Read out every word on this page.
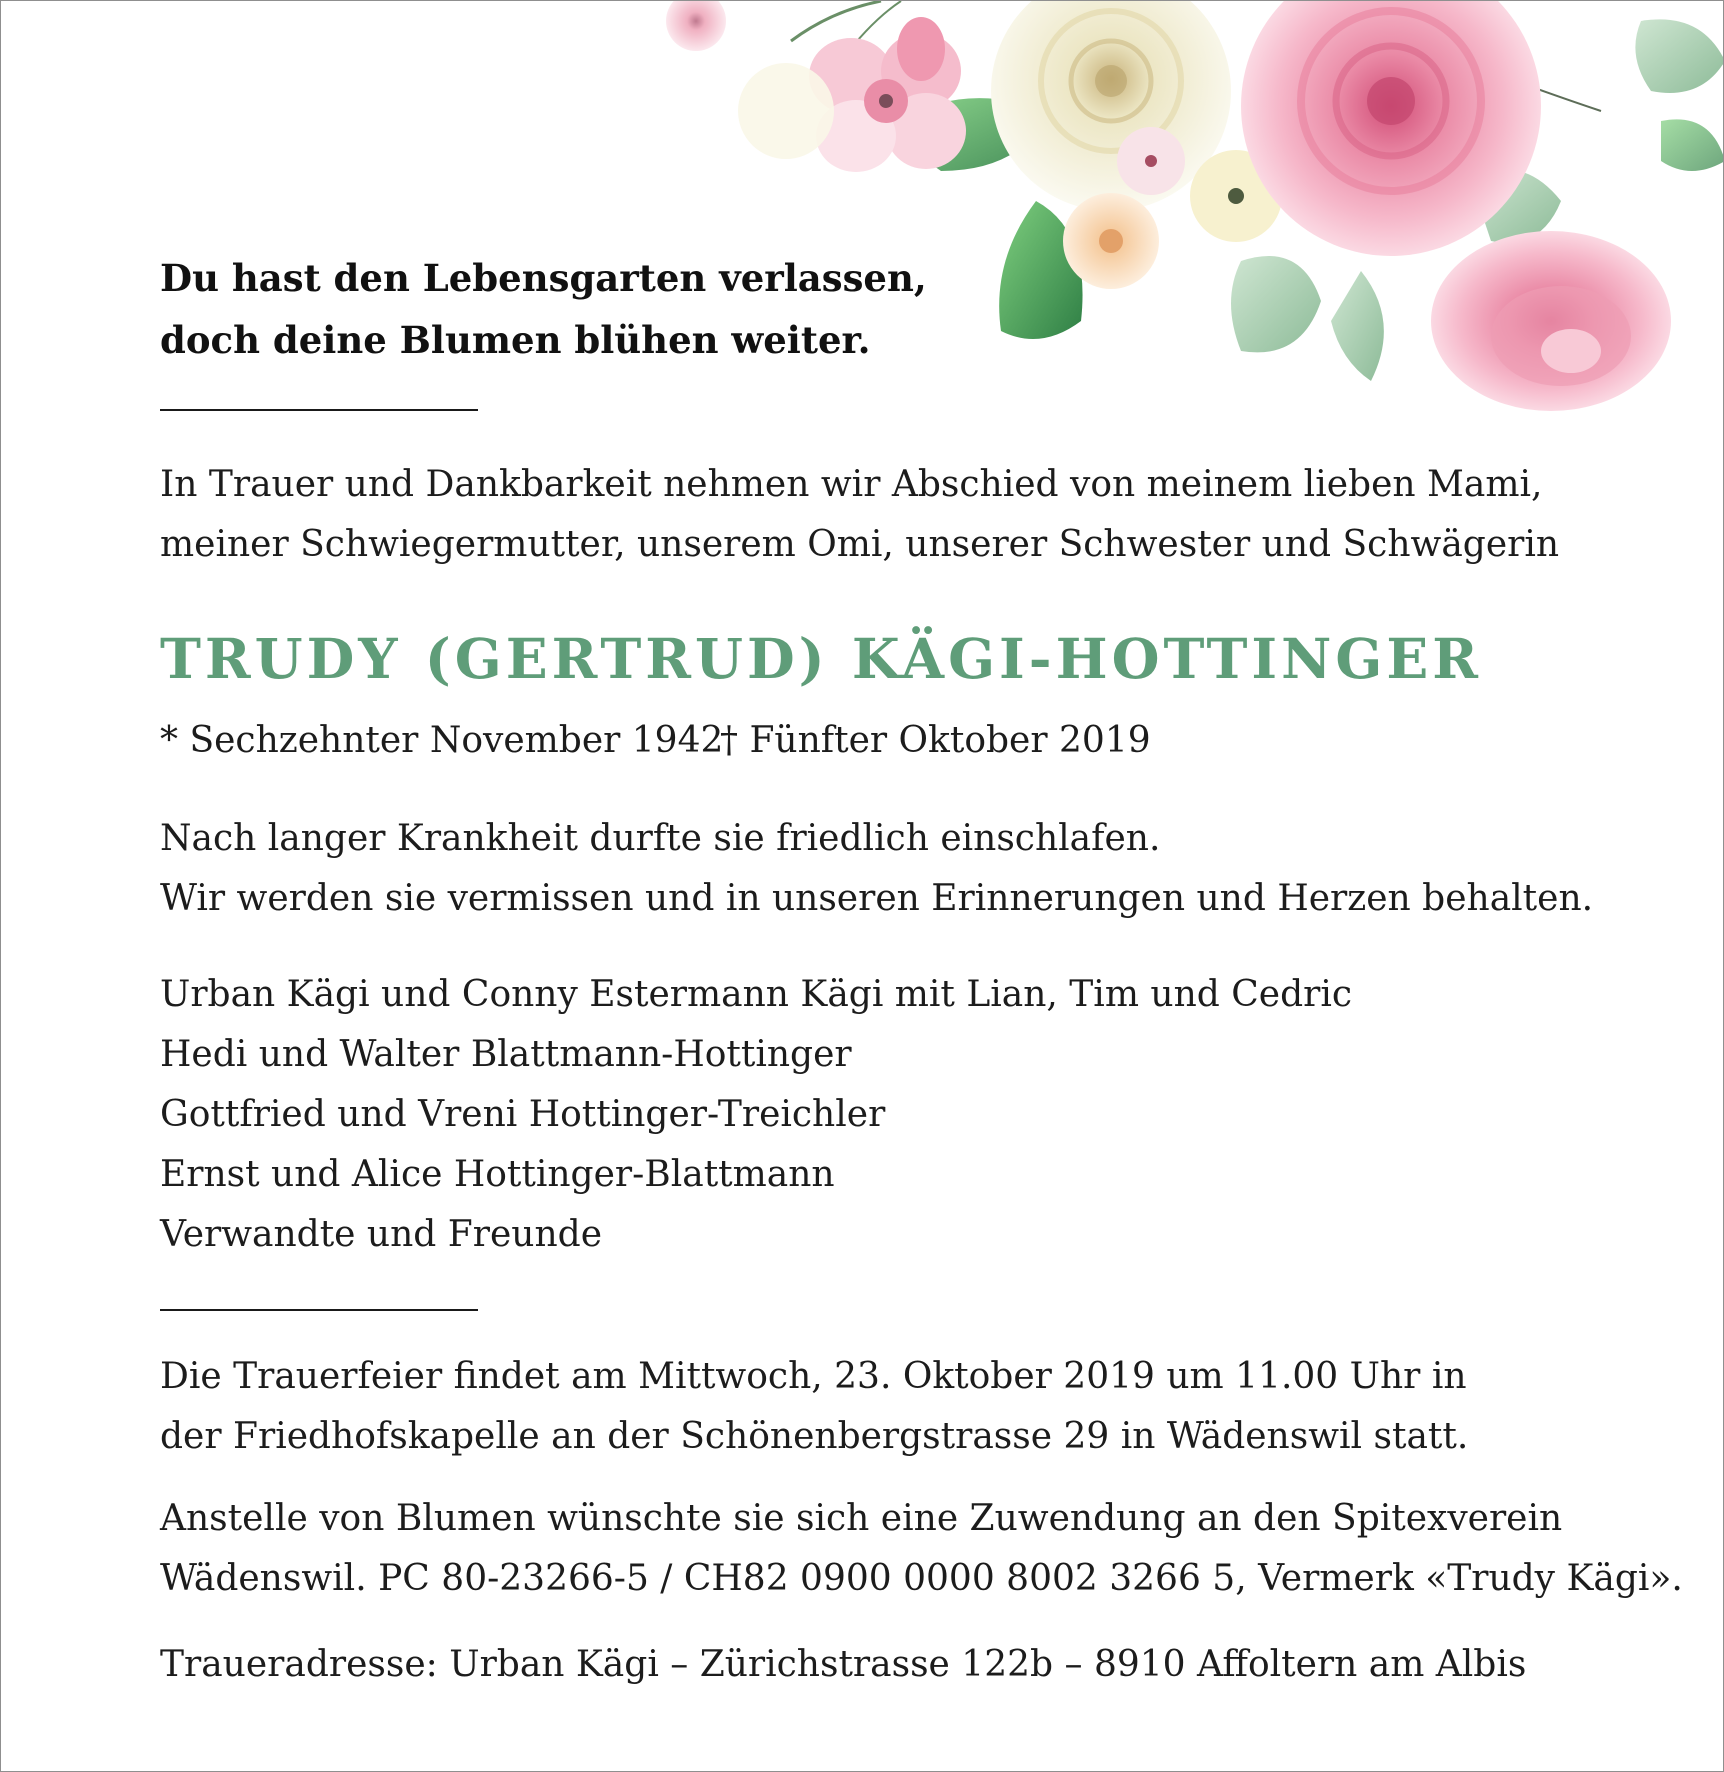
Du hast den Lebensgarten verlassen,
doch deine Blumen blühen weiter.
In Trauer und Dankbarkeit nehmen wir Abschied von meinem lieben Mami,
meiner Schwiegermutter, unserem Omi, unserer Schwester und Schwägerin
TRUDY (GERTRUD) KÄGI-HOTTINGER
* Sechzehnter November 1942† Fünfter Oktober 2019
Nach langer Krankheit durfte sie friedlich einschlafen.
Wir werden sie vermissen und in unseren Erinnerungen und Herzen behalten.
Urban Kägi und Conny Estermann Kägi mit Lian, Tim und Cedric
Hedi und Walter Blattmann-Hottinger
Gottfried und Vreni Hottinger-Treichler
Ernst und Alice Hottinger-Blattmann
Verwandte und Freunde
Die Trauerfeier findet am Mittwoch, 23. Oktober 2019 um 11.00 Uhr in
der Friedhofskapelle an der Schönenbergstrasse 29 in Wädenswil statt.
Anstelle von Blumen wünschte sie sich eine Zuwendung an den Spitexverein
Wädenswil. PC 80-23266-5 / CH82 0900 0000 8002 3266 5, Vermerk «Trudy Kägi».
Traueradresse: Urban Kägi – Zürichstrasse 122b – 8910 Affoltern am Albis
